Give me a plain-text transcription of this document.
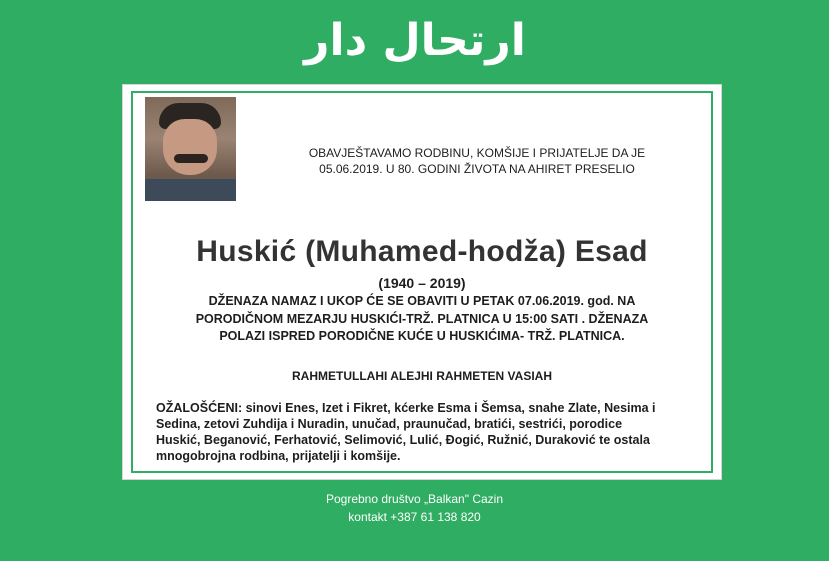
ارتحال دار
OBAVJEŠTAVAMO RODBINU, KOMŠIJE I PRIJATELJE DA JE
05.06.2019. U 80. GODINI ŽIVOTA NA AHIRET PRESELIO
Huskić (Muhamed-hodža) Esad
(1940 – 2019)
DŽENAZA NAMAZ I UKOP ĆE SE OBAVITI U PETAK 07.06.2019. god. NA
PORODIČNOM MEZARJU HUSKIĆI-TRŽ. PLATNICA U 15:00 SATI . DŽENAZA
POLAZI ISPRED PORODIČNE KUĆE U HUSKIĆIMA- TRŽ. PLATNICA.
RAHMETULLAHI ALEJHI RAHMETEN VASIAH
OŽALOŠĆENI: sinovi Enes, Izet i Fikret, kćerke Esma i Šemsa, snahe Zlate, Nesima i
Sedina, zetovi Zuhdija i Nuradin, unučad, praunučad, bratići, sestrići, porodice
Huskić, Beganović, Ferhatović, Selimović, Lulić, Đogić, Ružnić, Duraković te ostala
mnogobrojna rodbina, prijatelji i komšije.
Pogrebno društvo „Balkan" Cazin
kontakt +387 61 138 820
